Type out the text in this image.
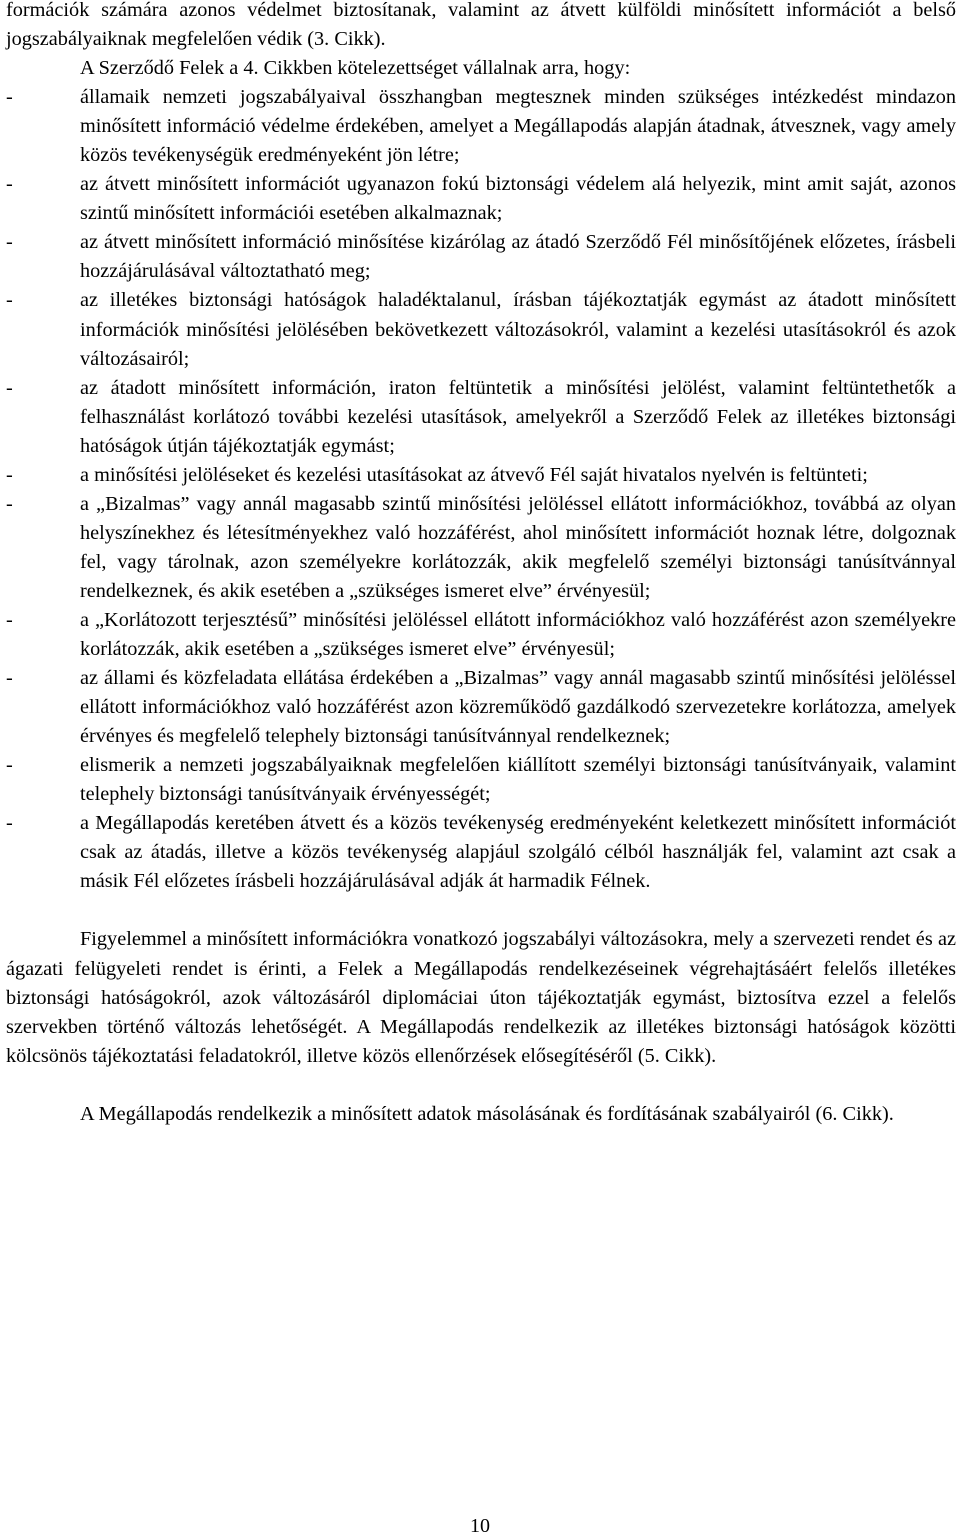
formációk számára azonos védelmet biztosítanak, valamint az átvett külföldi minősített információt a belső jogszabályaiknak megfelelően védik (3. Cikk).

A Szerződő Felek a 4. Cikkben kötelezettséget vállalnak arra, hogy:

-	államaik nemzeti jogszabályaival összhangban megtesznek minden szükséges intézkedést mindazon minősített információ védelme érdekében, amelyet a Megállapodás alapján átadnak, átvesznek, vagy amely közös tevékenységük eredményeként jön létre;
-	az átvett minősített információt ugyanazon fokú biztonsági védelem alá helyezik, mint amit saját, azonos szintű minősített információi esetében alkalmaznak;
-	az átvett minősített információ minősítése kizárólag az átadó Szerződő Fél minősítőjének előzetes, írásbeli hozzájárulásával változtatható meg;
-	az illetékes biztonsági hatóságok haladéktalanul, írásban tájékoztatják egymást az átadott minősített információk minősítési jelölésében bekövetkezett változásokról, valamint a kezelési utasításokról és azok változásairól;
-	az átadott minősített információn, iraton feltüntetik a minősítési jelölést, valamint feltüntethetők a felhasználást korlátozó további kezelési utasítások, amelyekről a Szerződő Felek az illetékes biztonsági hatóságok útján tájékoztatják egymást;
-	a minősítési jelöléseket és kezelési utasításokat az átvevő Fél saját hivatalos nyelvén is feltünteti;
-	a „Bizalmas” vagy annál magasabb szintű minősítési jelöléssel ellátott információkhoz, továbbá az olyan helyszínekhez és létesítményekhez való hozzáférést, ahol minősített információt hoznak létre, dolgoznak fel, vagy tárolnak, azon személyekre korlátozzák, akik megfelelő személyi biztonsági tanúsítvánnyal rendelkeznek, és akik esetében a „szükséges ismeret elve” érvényesül;
-	a „Korlátozott terjesztésű” minősítési jelöléssel ellátott információkhoz való hozzáférést azon személyekre korlátozzák, akik esetében a „szükséges ismeret elve” érvényesül;
-	az állami és közfeladata ellátása érdekében a „Bizalmas” vagy annál magasabb szintű minősítési jelöléssel ellátott információkhoz való hozzáférést azon közreműködő gazdálkodó szervezetekre korlátozza, amelyek érvényes és megfelelő telephely biztonsági tanúsítvánnyal rendelkeznek;
-	elismerik a nemzeti jogszabályaiknak megfelelően kiállított személyi biztonsági tanúsítványaik, valamint telephely biztonsági tanúsítványaik érvényességét;
-	a Megállapodás keretében átvett és a közös tevékenység eredményeként keletkezett minősített információt csak az átadás, illetve a közös tevékenység alapjául szolgáló célból használják fel, valamint azt csak a másik Fél előzetes írásbeli hozzájárulásával adják át harmadik Félnek.

Figyelemmel a minősített információkra vonatkozó jogszabályi változásokra, mely a szervezeti rendet és az ágazati felügyeleti rendet is érinti, a Felek a Megállapodás rendelkezéseinek végrehajtásáért felelős illetékes biztonsági hatóságokról, azok változásáról diplomáciai úton tájékoztatják egymást, biztosítva ezzel a felelős szervekben történő változás lehetőségét. A Megállapodás rendelkezik az illetékes biztonsági hatóságok közötti kölcsönös tájékoztatási feladatokról, illetve közös ellenőrzések elősegítéséről (5. Cikk).

A Megállapodás rendelkezik a minősített adatok másolásának és fordításának szabályairól (6. Cikk).

10
